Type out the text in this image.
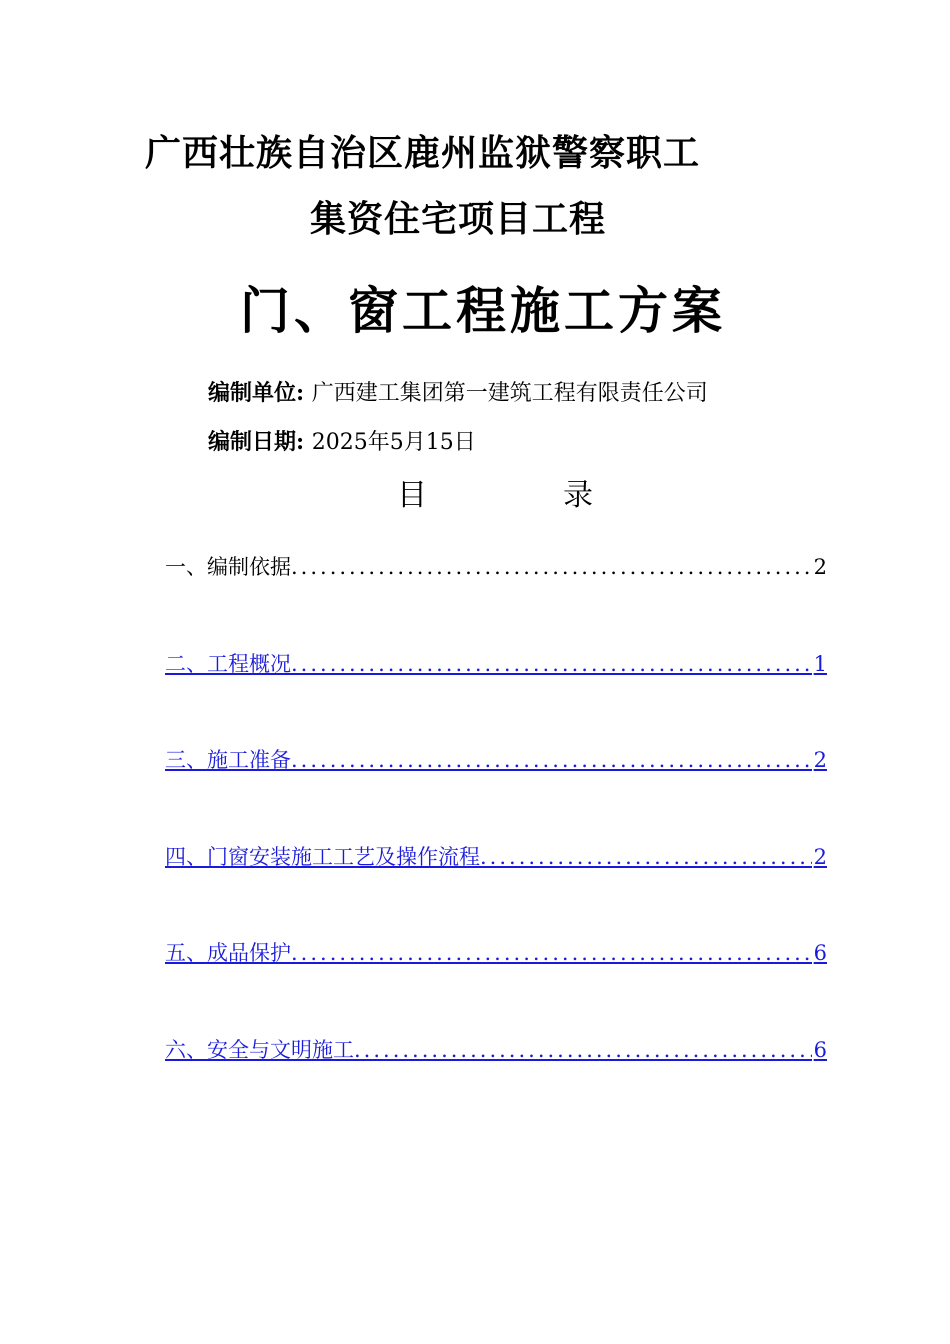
广西壮族自治区鹿州监狱警察职工
集资住宅项目工程
门、窗工程施工方案
编制单位: 广西建工集团第一建筑工程有限责任公司
编制日期: 2025年5月15日
目	录
一、编制依据 .....	2
二、工程概况 .....	1
三、施工准备 .....	2
四、门窗安装施工工艺及操作流程 .....	2
五、成品保护 .....	6
六、安全与文明施工 .....	6
